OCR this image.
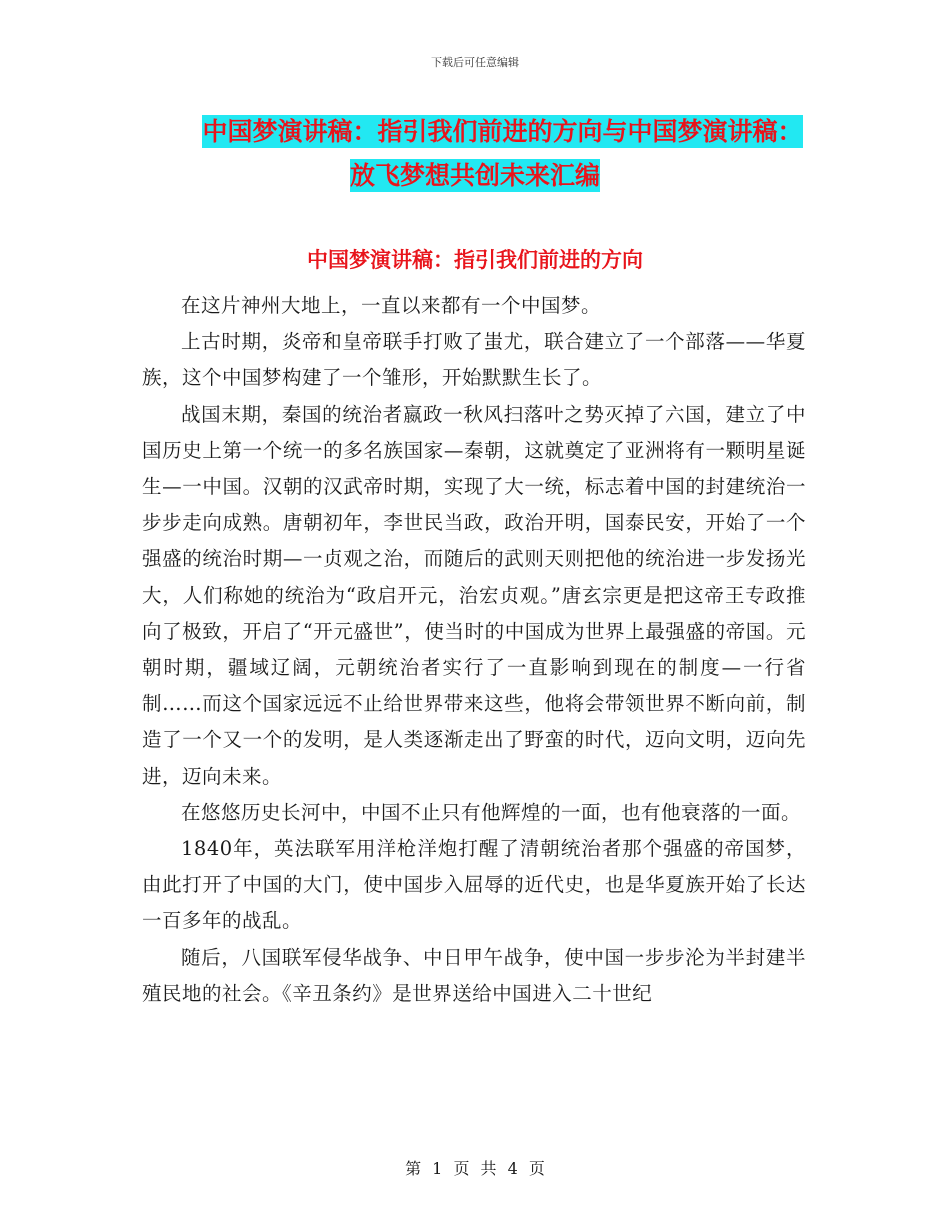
下载后可任意编辑
中国梦演讲稿：指引我们前进的方向与中国梦演讲稿：
放飞梦想共创未来汇编
中国梦演讲稿：指引我们前进的方向

在这片神州大地上，一直以来都有一个中国梦。

上古时期，炎帝和皇帝联手打败了蚩尤，联合建立了一个部落——华夏族，这个中国梦构建了一个雏形，开始默默生长了。

战国末期，秦国的统治者嬴政一秋风扫落叶之势灭掉了六国，建立了中国历史上第一个统一的多名族国家—秦朝，这就奠定了亚洲将有一颗明星诞生—一中国。汉朝的汉武帝时期，实现了大一统，标志着中国的封建统治一步步走向成熟。唐朝初年，李世民当政，政治开明，国泰民安，开始了一个强盛的统治时期—一贞观之治，而随后的武则天则把他的统治进一步发扬光大，人们称她的统治为“政启开元，治宏贞观。”唐玄宗更是把这帝王专政推向了极致，开启了“开元盛世”，使当时的中国成为世界上最强盛的帝国。元朝时期，疆域辽阔，元朝统治者实行了一直影响到现在的制度—一行省制……而这个国家远远不止给世界带来这些，他将会带领世界不断向前，制造了一个又一个的发明，是人类逐渐走出了野蛮的时代，迈向文明，迈向先进，迈向未来。

在悠悠历史长河中，中国不止只有他辉煌的一面，也有他衰落的一面。

1840年，英法联军用洋枪洋炮打醒了清朝统治者那个强盛的帝国梦，由此打开了中国的大门，使中国步入屈辱的近代史，也是华夏族开始了长达一百多年的战乱。

随后，八国联军侵华战争、中日甲午战争，使中国一步步沦为半封建半殖民地的社会。《辛丑条约》是世界送给中国进入二十世纪

第 1 页 共 4 页
